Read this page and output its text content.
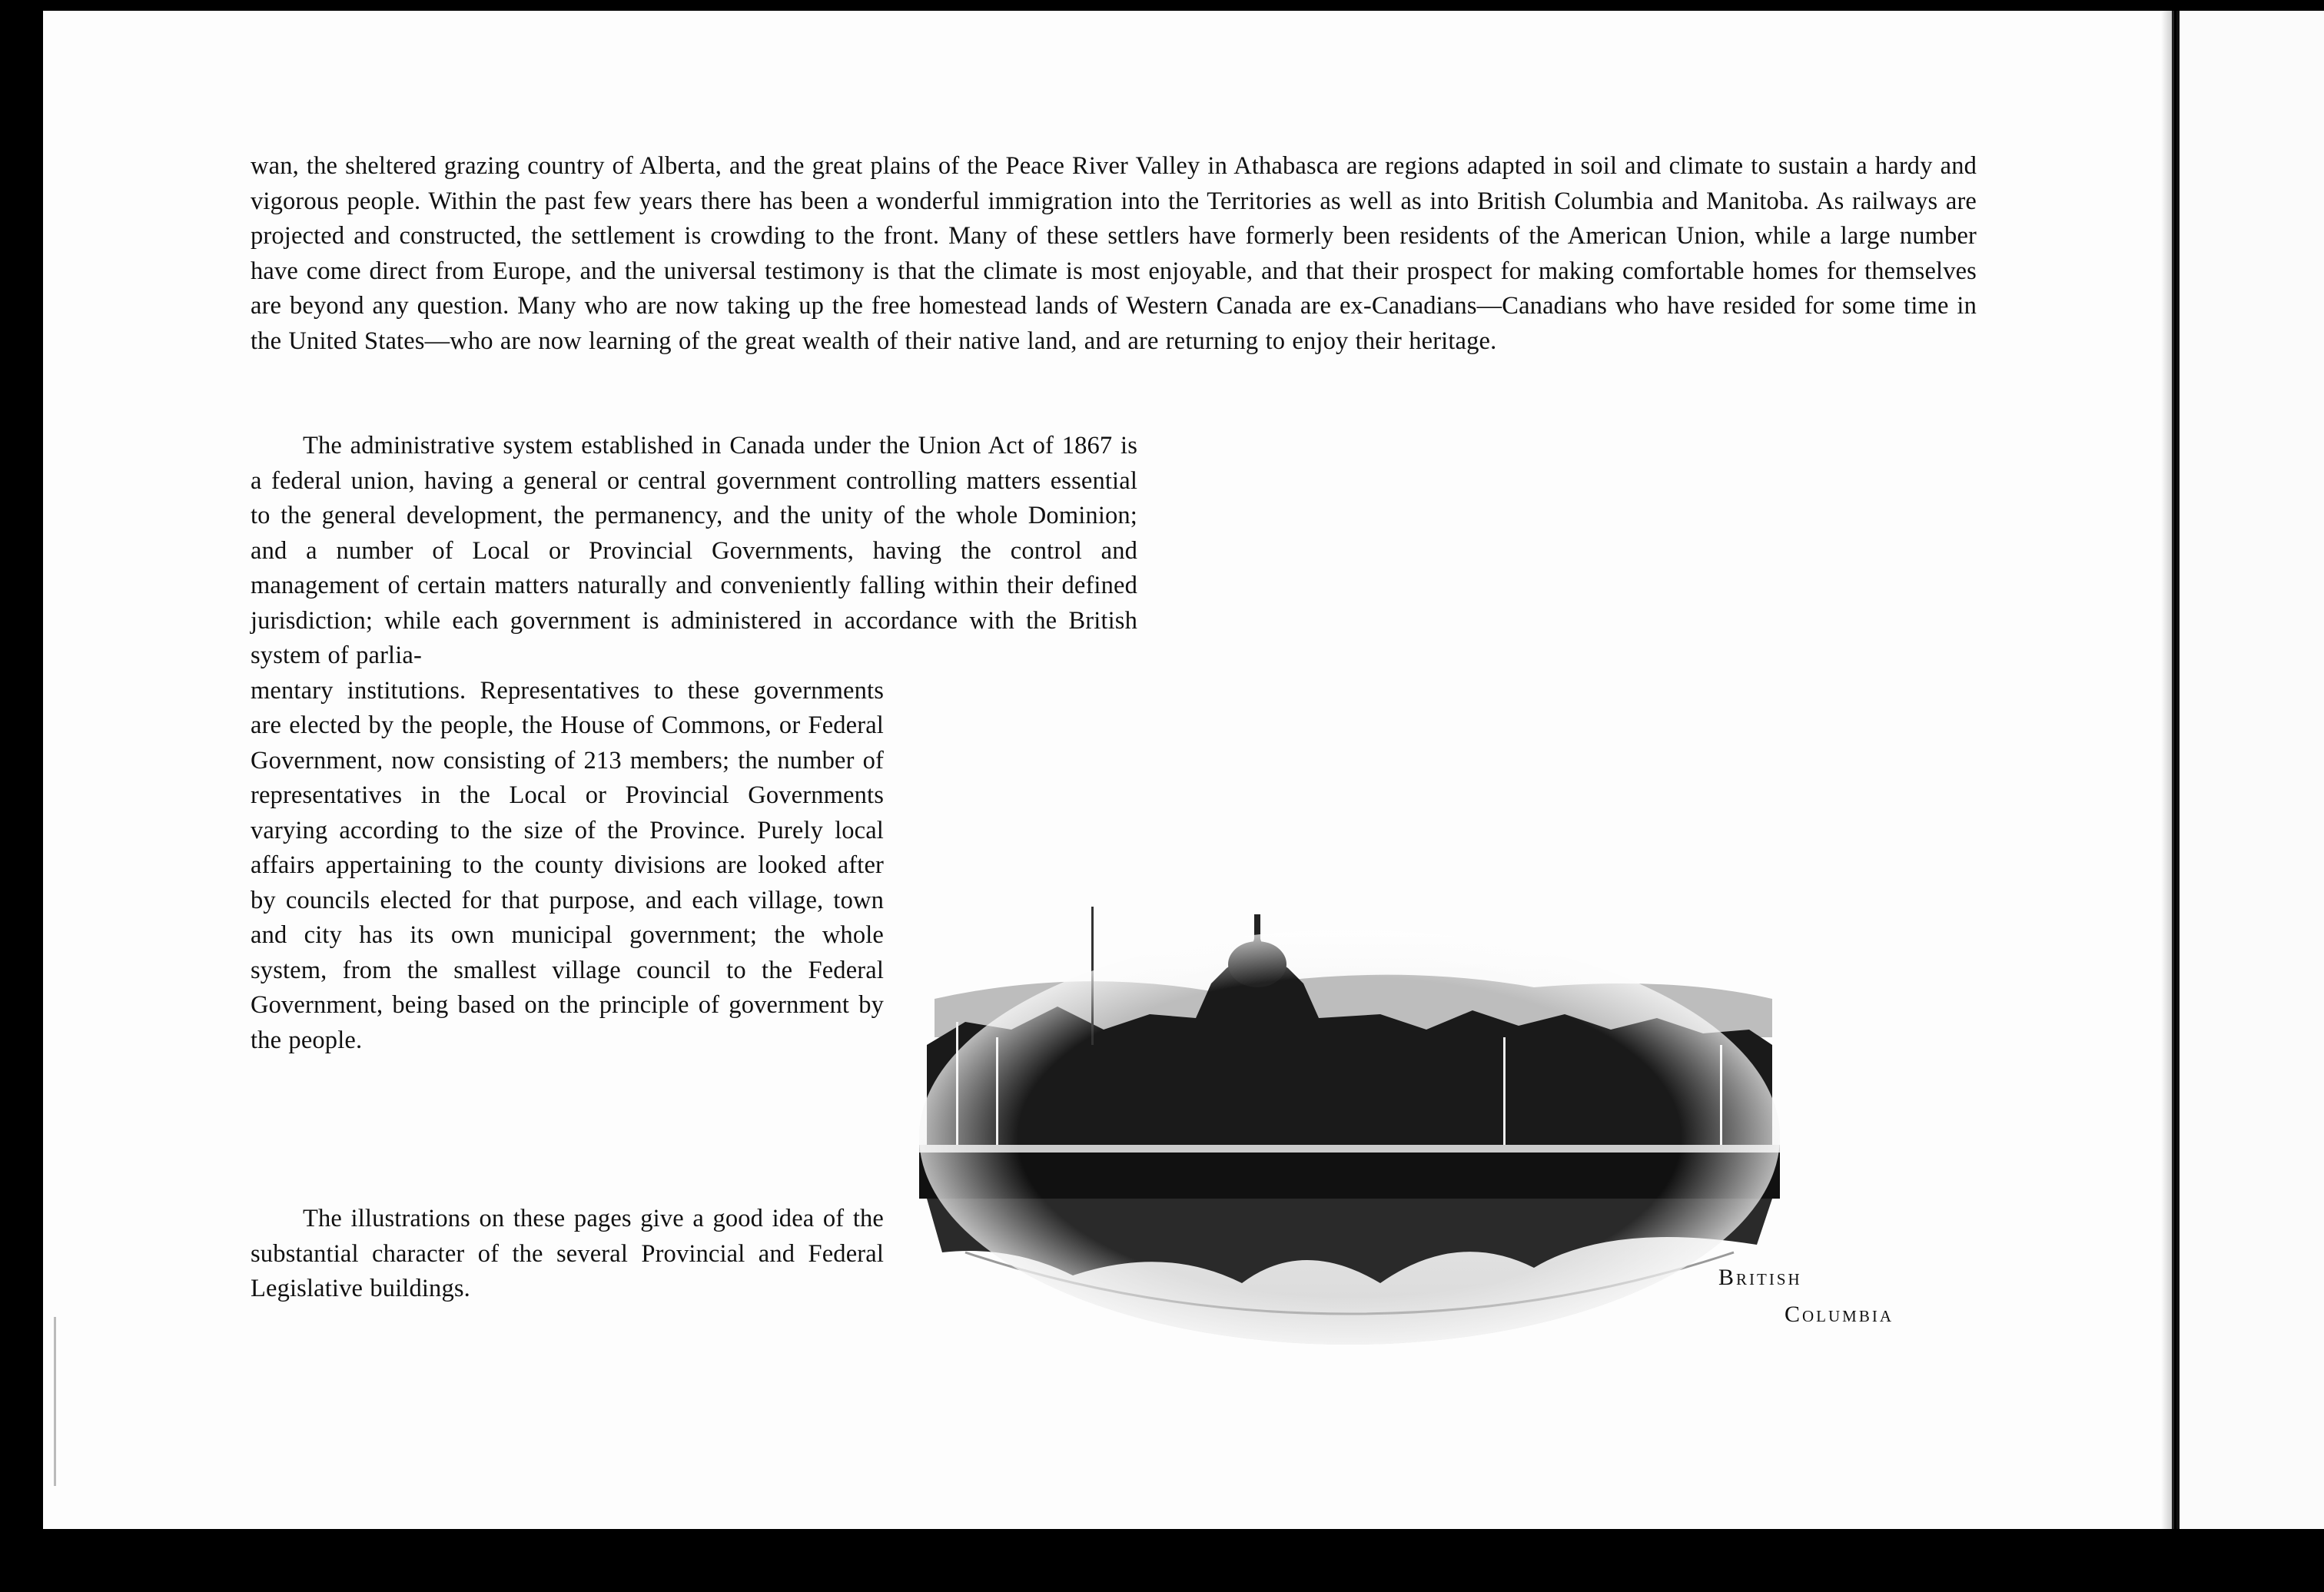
wan, the sheltered grazing country of Alberta, and the great plains of the Peace River Valley in Athabasca are regions adapted in soil and climate to sustain a hardy and vigorous people. Within the past few years there has been a wonderful immigration into the Territories as well as into British Columbia and Manitoba. As railways are projected and constructed, the settlement is crowding to the front. Many of these settlers have formerly been residents of the American Union, while a large number have come direct from Europe, and the universal testimony is that the climate is most enjoyable, and that their prospect for making comfortable homes for themselves are beyond any question. Many who are now taking up the free homestead lands of Western Canada are ex-Canadians—Canadians who have resided for some time in the United States—who are now learning of the great wealth of their native land, and are returning to enjoy their heritage.
The administrative system established in Canada under the Union Act of 1867 is a federal union, having a general or central government controlling matters essential to the general development, the permanency, and the unity of the whole Dominion; and a number of Local or Provincial Governments, having the control and management of certain matters naturally and conveniently falling within their defined jurisdiction; while each government is administered in accordance with the British system of parlia-
mentary institutions. Representatives to these governments are elected by the people, the House of Commons, or Federal Government, now consisting of 213 members; the number of representatives in the Local or Provincial Governments varying according to the size of the Province. Purely local affairs appertaining to the county divisions are looked after by councils elected for that purpose, and each village, town and city has its own municipal government; the whole system, from the smallest village council to the Federal Government, being based on the principle of government by the people.
The illustrations on these pages give a good idea of the substantial character of the several Provincial and Federal Legislative buildings.	British
Columbia
